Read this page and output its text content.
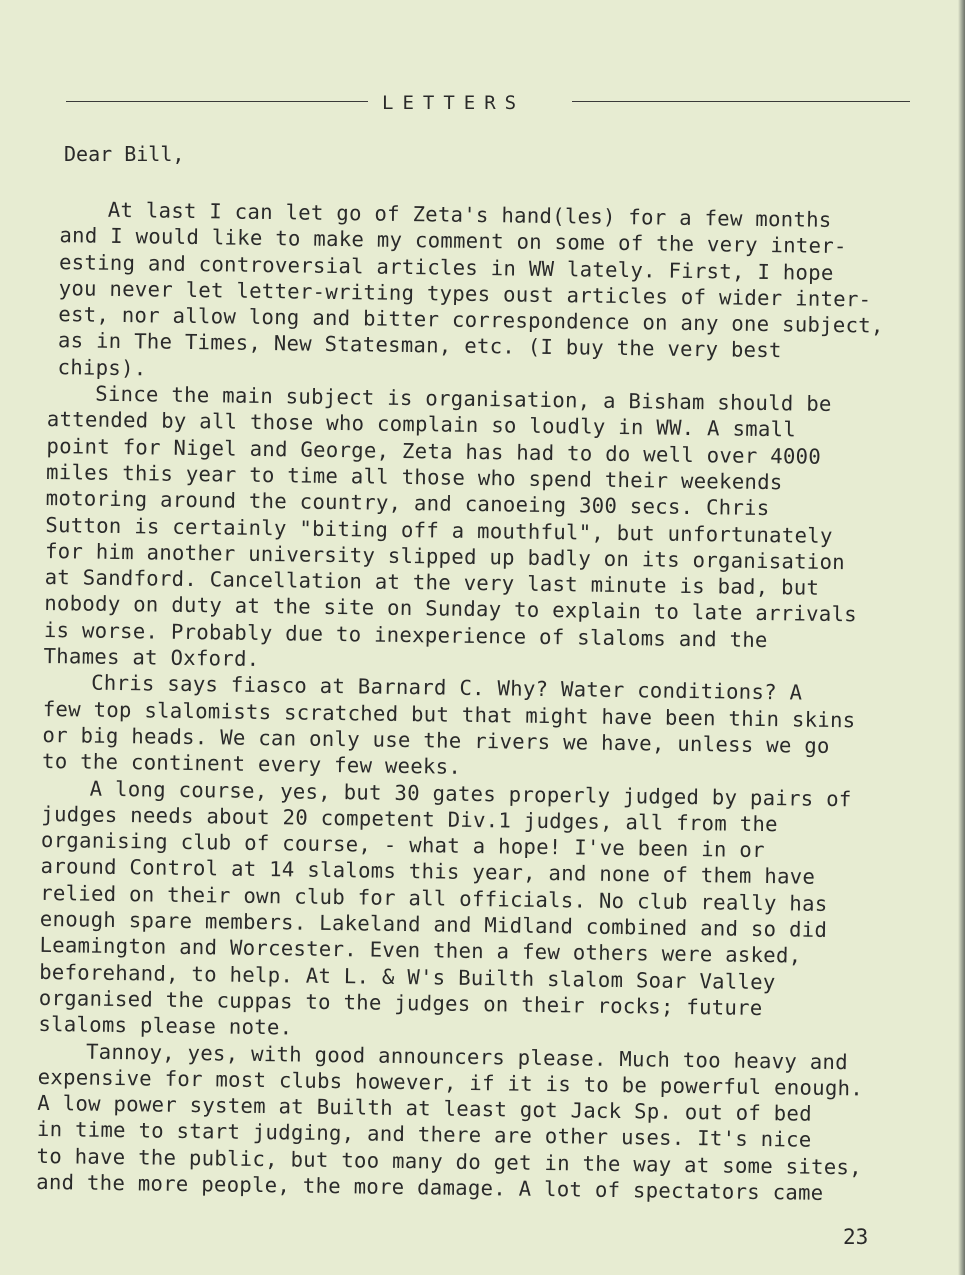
LETTERS
Dear Bill,

At last I can let go of Zeta's hand(les) for a few months
and I would like to make my comment on some of the very inter-
esting and controversial articles in WW lately. First, I hope
you never let letter-writing types oust articles of wider inter-
est, nor allow long and bitter correspondence on any one subject,
as in The Times, New Statesman, etc. (I buy the very best
chips).

Since the main subject is organisation, a Bisham should be
attended by all those who complain so loudly in WW. A small
point for Nigel and George, Zeta has had to do well over 4000
miles this year to time all those who spend their weekends
motoring around the country, and canoeing 300 secs. Chris
Sutton is certainly "biting off a mouthful", but unfortunately
for him another university slipped up badly on its organisation
at Sandford. Cancellation at the very last minute is bad, but
nobody on duty at the site on Sunday to explain to late arrivals
is worse. Probably due to inexperience of slaloms and the
Thames at Oxford.

Chris says fiasco at Barnard C. Why? Water conditions? A
few top slalomists scratched but that might have been thin skins
or big heads. We can only use the rivers we have, unless we go
to the continent every few weeks.

A long course, yes, but 30 gates properly judged by pairs of
judges needs about 20 competent Div.1 judges, all from the
organising club of course, - what a hope! I've been in or
around Control at 14 slaloms this year, and none of them have
relied on their own club for all officials. No club really has
enough spare members. Lakeland and Midland combined and so did
Leamington and Worcester. Even then a few others were asked,
beforehand, to help. At L. & W's Builth slalom Soar Valley
organised the cuppas to the judges on their rocks; future
slaloms please note.

Tannoy, yes, with good announcers please. Much too heavy and
expensive for most clubs however, if it is to be powerful enough.
A low power system at Builth at least got Jack Sp. out of bed
in time to start judging, and there are other uses. It's nice
to have the public, but too many do get in the way at some sites,
and the more people, the more damage. A lot of spectators came

23
